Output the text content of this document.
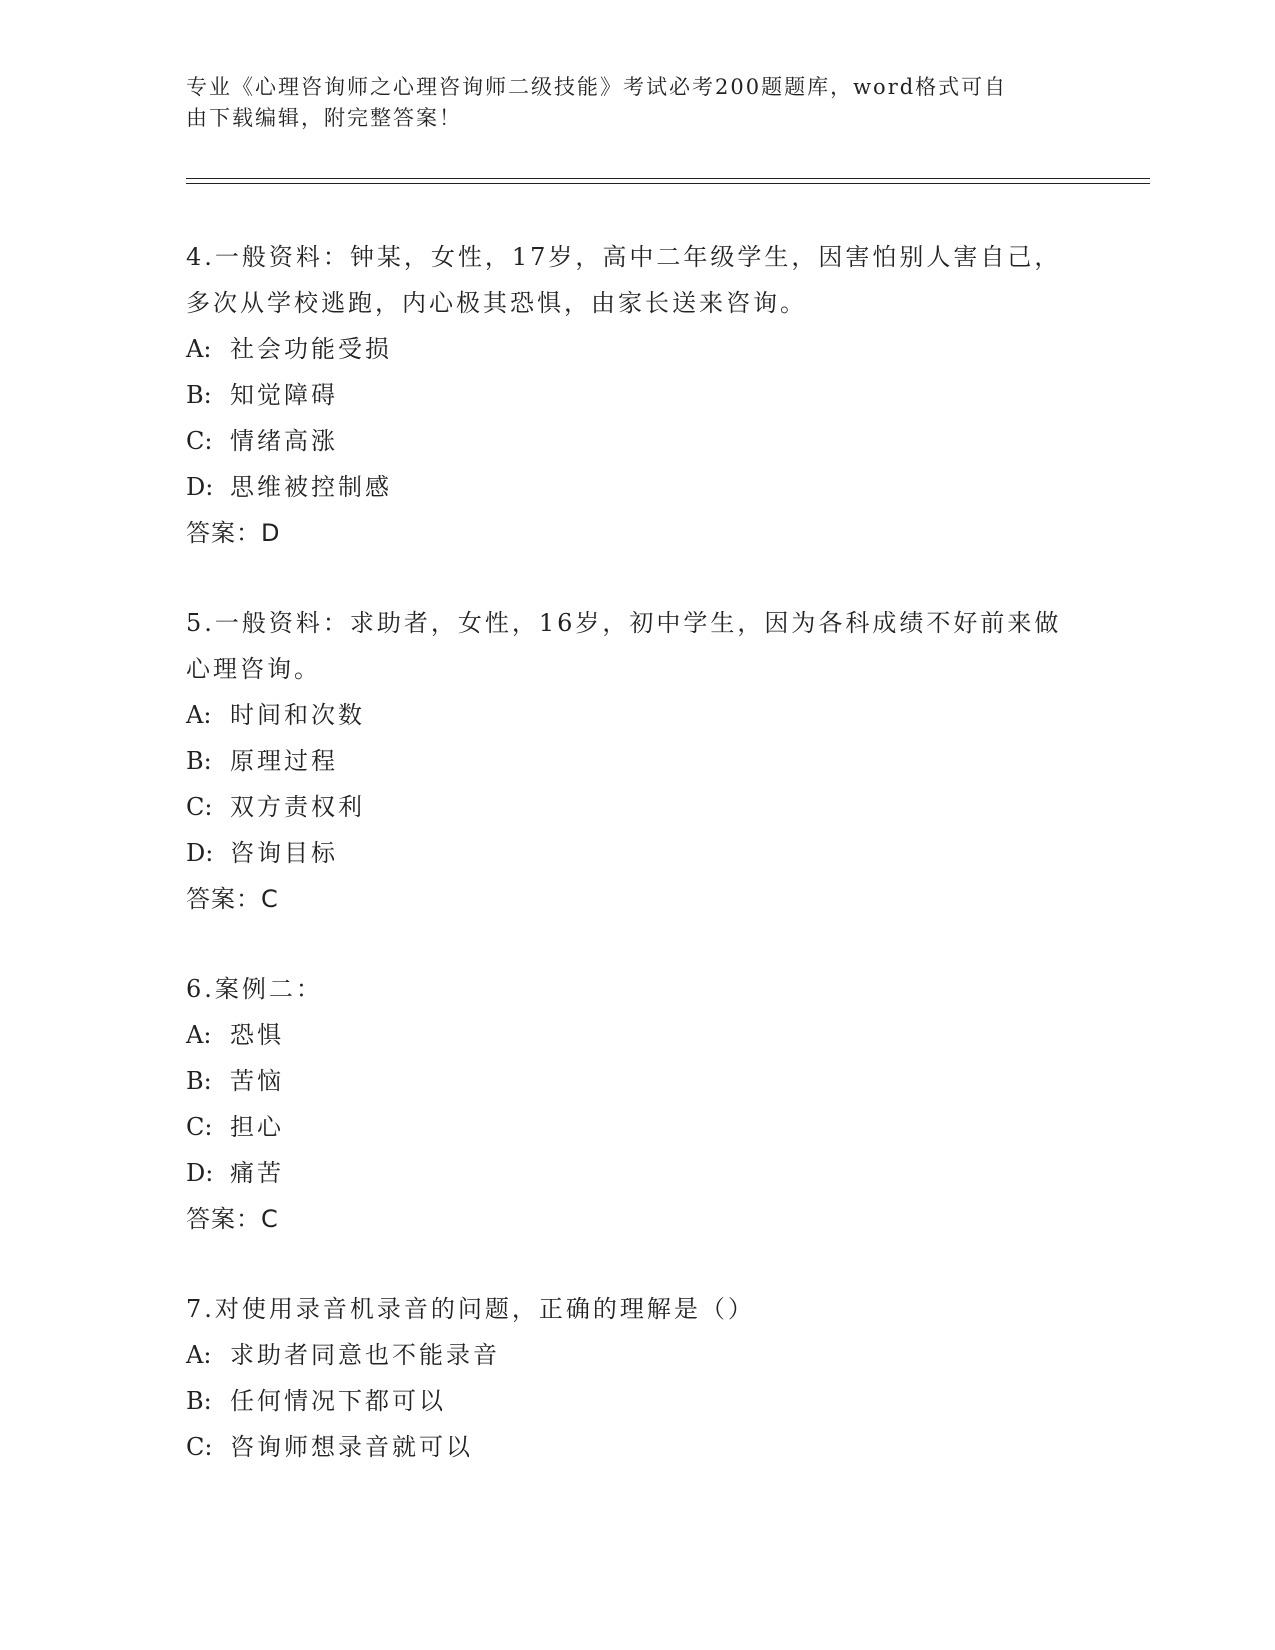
专业《心理咨询师之心理咨询师二级技能》考试必考200题题库，word格式可自
由下载编辑，附完整答案！
4.一般资料：钟某，女性，17岁，高中二年级学生，因害怕别人害自己，多次从学校逃跑，内心极其恐惧，由家长送来咨询。
A: 社会功能受损
B: 知觉障碍
C: 情绪高涨
D: 思维被控制感
答案：D
5.一般资料：求助者，女性，16岁，初中学生，因为各科成绩不好前来做心理咨询。
A: 时间和次数
B: 原理过程
C: 双方责权利
D: 咨询目标
答案：C
6.案例二：
A: 恐惧
B: 苦恼
C: 担心
D: 痛苦
答案：C
7.对使用录音机录音的问题，正确的理解是（）
A: 求助者同意也不能录音
B: 任何情况下都可以
C: 咨询师想录音就可以
